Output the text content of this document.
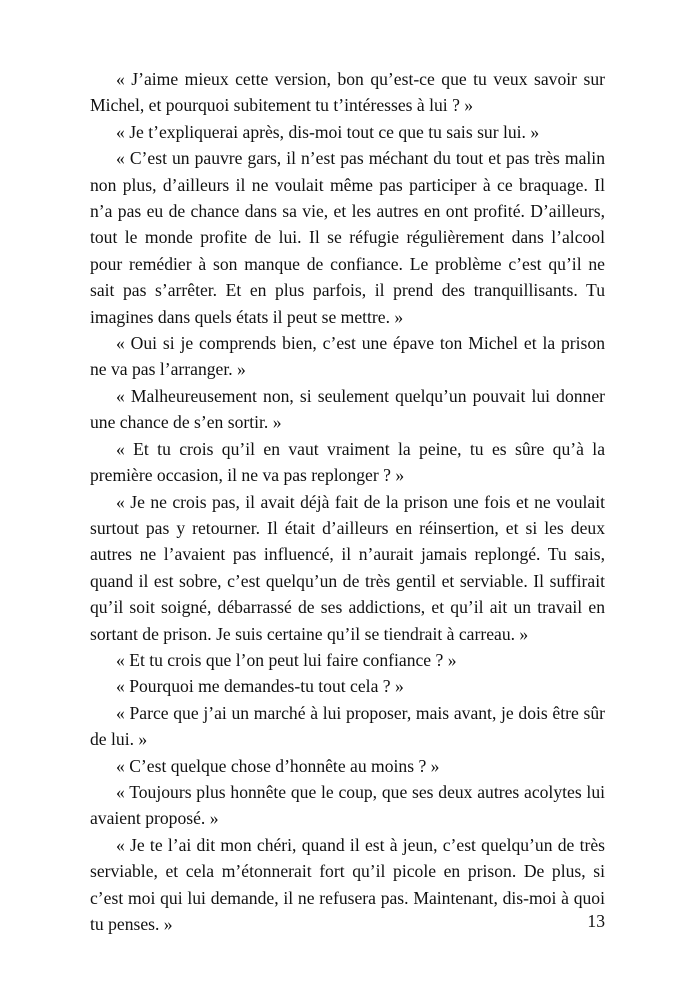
« J’aime mieux cette version, bon qu’est-ce que tu veux savoir sur Michel, et pourquoi subitement tu t’intéresses à lui ? »

« Je t’expliquerai après, dis-moi tout ce que tu sais sur lui. »

« C’est un pauvre gars, il n’est pas méchant du tout et pas très malin non plus, d’ailleurs il ne voulait même pas participer à ce braquage. Il n’a pas eu de chance dans sa vie, et les autres en ont profité. D’ailleurs, tout le monde profite de lui. Il se réfugie régulièrement dans l’alcool pour remédier à son manque de confiance. Le problème c’est qu’il ne sait pas s’arrêter. Et en plus parfois, il prend des tranquillisants. Tu imagines dans quels états il peut se mettre. »

« Oui si je comprends bien, c’est une épave ton Michel et la prison ne va pas l’arranger. »

« Malheureusement non, si seulement quelqu’un pouvait lui donner une chance de s’en sortir. »

« Et tu crois qu’il en vaut vraiment la peine, tu es sûre qu’à la première occasion, il ne va pas replonger ? »

« Je ne crois pas, il avait déjà fait de la prison une fois et ne voulait surtout pas y retourner. Il était d’ailleurs en réinsertion, et si les deux autres ne l’avaient pas influencé, il n’aurait jamais replongé. Tu sais, quand il est sobre, c’est quelqu’un de très gentil et serviable. Il suffirait qu’il soit soigné, débarrassé de ses addictions, et qu’il ait un travail en sortant de prison. Je suis certaine qu’il se tiendrait à carreau. »

« Et tu crois que l’on peut lui faire confiance ? »

« Pourquoi me demandes-tu tout cela ? »

« Parce que j’ai un marché à lui proposer, mais avant, je dois être sûr de lui. »

« C’est quelque chose d’honnête au moins ? »

« Toujours plus honnête que le coup, que ses deux autres acolytes lui avaient proposé. »

« Je te l’ai dit mon chéri, quand il est à jeun, c’est quelqu’un de très serviable, et cela m’étonnerait fort qu’il picole en prison. De plus, si c’est moi qui lui demande, il ne refusera pas. Maintenant, dis-moi à quoi tu penses. »	13
